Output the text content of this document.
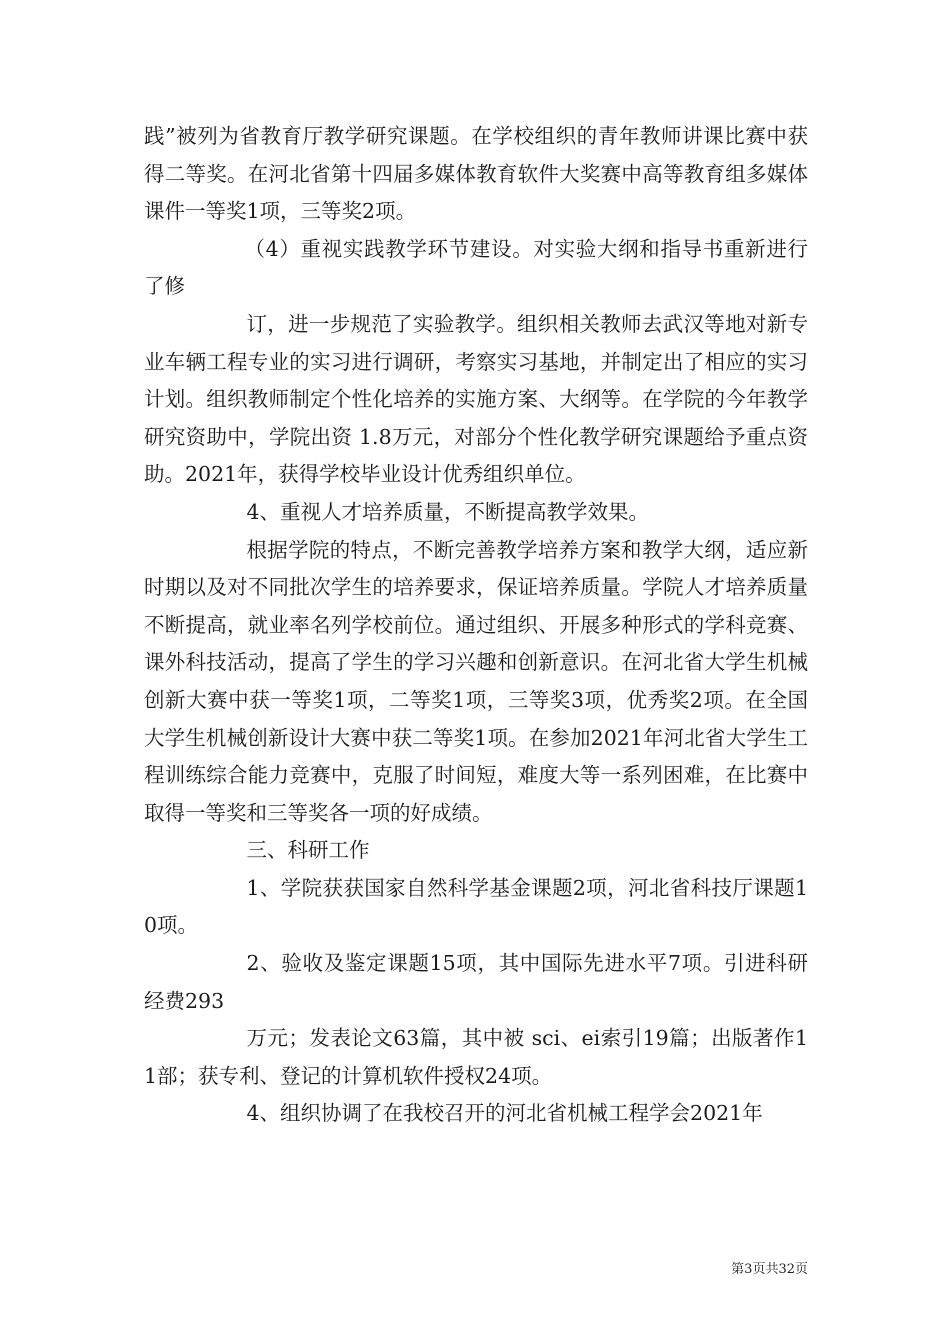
践”被列为省教育厅教学研究课题。在学校组织的青年教师讲课比赛中获得二等奖。在河北省第十四届多媒体教育软件大奖赛中高等教育组多媒体课件一等奖1项，三等奖2项。

（4）重视实践教学环节建设。对实验大纲和指导书重新进行了修

订，进一步规范了实验教学。组织相关教师去武汉等地对新专业车辆工程专业的实习进行调研，考察实习基地，并制定出了相应的实习计划。组织教师制定个性化培养的实施方案、大纲等。在学院的今年教学研究资助中，学院出资 1.8万元，对部分个性化教学研究课题给予重点资助。2021年，获得学校毕业设计优秀组织单位。

4、重视人才培养质量，不断提高教学效果。

根据学院的特点，不断完善教学培养方案和教学大纲，适应新时期以及对不同批次学生的培养要求，保证培养质量。学院人才培养质量不断提高，就业率名列学校前位。通过组织、开展多种形式的学科竞赛、课外科技活动，提高了学生的学习兴趣和创新意识。在河北省大学生机械创新大赛中获一等奖1项，二等奖1项，三等奖3项，优秀奖2项。在全国大学生机械创新设计大赛中获二等奖1项。在参加2021年河北省大学生工程训练综合能力竞赛中，克服了时间短，难度大等一系列困难，在比赛中取得一等奖和三等奖各一项的好成绩。

三、科研工作

1、学院获获国家自然科学基金课题2项，河北省科技厅课题10项。

2、验收及鉴定课题15项，其中国际先进水平7项。引进科研经费293

万元；发表论文63篇，其中被 sci、ei索引19篇；出版著作11部；获专利、登记的计算机软件授权24项。

4、组织协调了在我校召开的河北省机械工程学会2021年

第3页共32页
